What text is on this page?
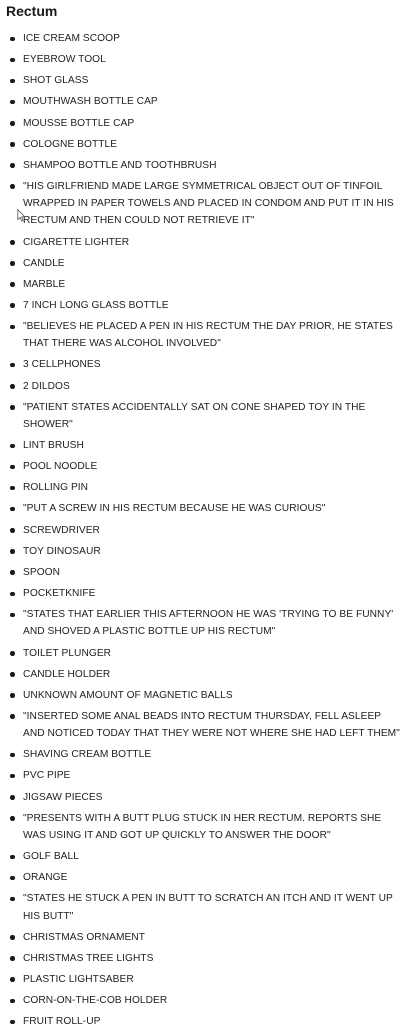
Rectum
ICE CREAM SCOOP
EYEBROW TOOL
SHOT GLASS
MOUTHWASH BOTTLE CAP
MOUSSE BOTTLE CAP
COLOGNE BOTTLE
SHAMPOO BOTTLE AND TOOTHBRUSH
"HIS GIRLFRIEND MADE LARGE SYMMETRICAL OBJECT OUT OF TINFOIL WRAPPED IN PAPER TOWELS AND PLACED IN CONDOM AND PUT IT IN HIS RECTUM AND THEN COULD NOT RETRIEVE IT"
CIGARETTE LIGHTER
CANDLE
MARBLE
7 INCH LONG GLASS BOTTLE
"BELIEVES HE PLACED A PEN IN HIS RECTUM THE DAY PRIOR, HE STATES THAT THERE WAS ALCOHOL INVOLVED"
3 CELLPHONES
2 DILDOS
"PATIENT STATES ACCIDENTALLY SAT ON CONE SHAPED TOY IN THE SHOWER"
LINT BRUSH
POOL NOODLE
ROLLING PIN
"PUT A SCREW IN HIS RECTUM BECAUSE HE WAS CURIOUS"
SCREWDRIVER
TOY DINOSAUR
SPOON
POCKETKNIFE
"STATES THAT EARLIER THIS AFTERNOON HE WAS 'TRYING TO BE FUNNY' AND SHOVED A PLASTIC BOTTLE UP HIS RECTUM"
TOILET PLUNGER
CANDLE HOLDER
UNKNOWN AMOUNT OF MAGNETIC BALLS
"INSERTED SOME ANAL BEADS INTO RECTUM THURSDAY, FELL ASLEEP AND NOTICED TODAY THAT THEY WERE NOT WHERE SHE HAD LEFT THEM"
SHAVING CREAM BOTTLE
PVC PIPE
JIGSAW PIECES
"PRESENTS WITH A BUTT PLUG STUCK IN HER RECTUM. REPORTS SHE WAS USING IT AND GOT UP QUICKLY TO ANSWER THE DOOR"
GOLF BALL
ORANGE
"STATES HE STUCK A PEN IN BUTT TO SCRATCH AN ITCH AND IT WENT UP HIS BUTT"
CHRISTMAS ORNAMENT
CHRISTMAS TREE LIGHTS
PLASTIC LIGHTSABER
CORN-ON-THE-COB HOLDER
FRUIT ROLL-UP
